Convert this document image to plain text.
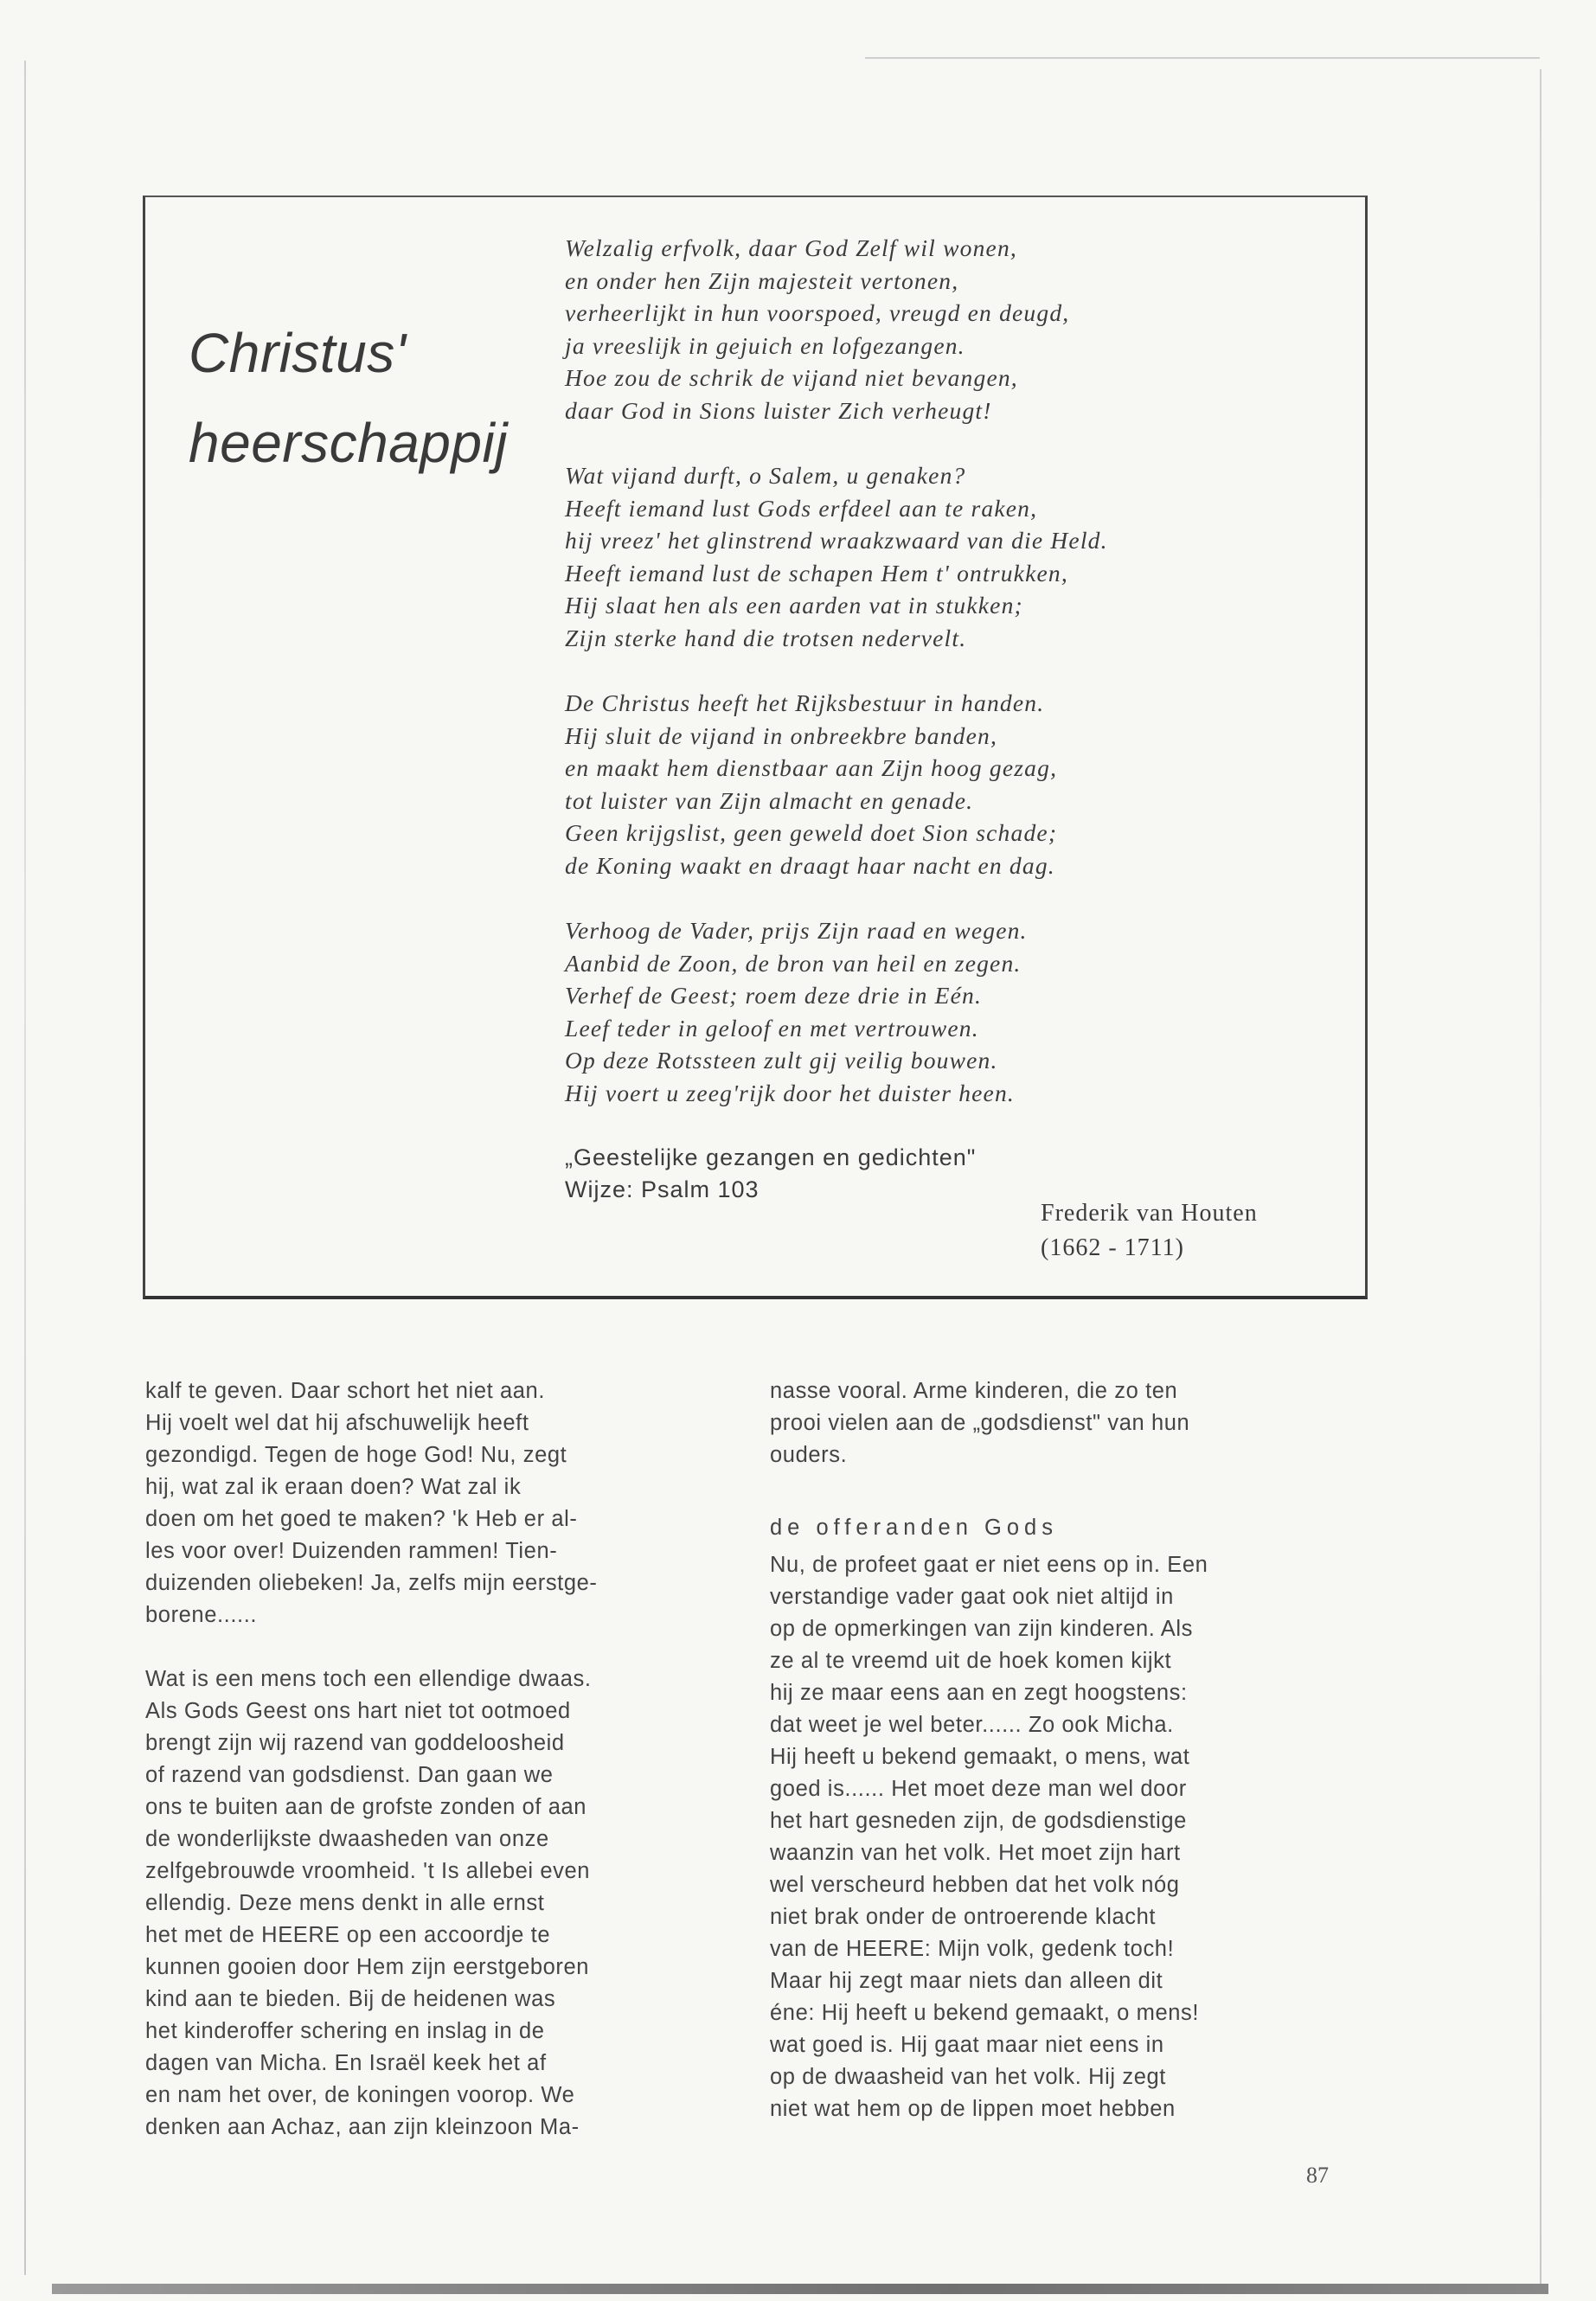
Christus'
heerschappij
Welzalig erfvolk, daar God Zelf wil wonen,
en onder hen Zijn majesteit vertonen,
verheerlijkt in hun voorspoed, vreugd en deugd,
ja vreeslijk in gejuich en lofgezangen.
Hoe zou de schrik de vijand niet bevangen,
daar God in Sions luister Zich verheugt!
Wat vijand durft, o Salem, u genaken?
Heeft iemand lust Gods erfdeel aan te raken,
hij vreez' het glinstrend wraakzwaard van die Held.
Heeft iemand lust de schapen Hem t' ontrukken,
Hij slaat hen als een aarden vat in stukken;
Zijn sterke hand die trotsen nedervelt.
De Christus heeft het Rijksbestuur in handen.
Hij sluit de vijand in onbreekbre banden,
en maakt hem dienstbaar aan Zijn hoog gezag,
tot luister van Zijn almacht en genade.
Geen krijgslist, geen geweld doet Sion schade;
de Koning waakt en draagt haar nacht en dag.
Verhoog de Vader, prijs Zijn raad en wegen.
Aanbid de Zoon, de bron van heil en zegen.
Verhef de Geest; roem deze drie in Eén.
Leef teder in geloof en met vertrouwen.
Op deze Rotssteen zult gij veilig bouwen.
Hij voert u zeeg'rijk door het duister heen.
„Geestelijke gezangen en gedichten"
Wijze: Psalm 103
Frederik van Houten
(1662 - 1711)
kalf te geven. Daar schort het niet aan.
Hij voelt wel dat hij afschuwelijk heeft
gezondigd. Tegen de hoge God! Nu, zegt
hij, wat zal ik eraan doen? Wat zal ik
doen om het goed te maken? 'k Heb er al-
les voor over! Duizenden rammen! Tien-
duizenden oliebeken! Ja, zelfs mijn eerstge-
borene......
Wat is een mens toch een ellendige dwaas.
Als Gods Geest ons hart niet tot ootmoed
brengt zijn wij razend van goddeloosheid
of razend van godsdienst. Dan gaan we
ons te buiten aan de grofste zonden of aan
de wonderlijkste dwaasheden van onze
zelfgebrouwde vroomheid. 't Is allebei even
ellendig. Deze mens denkt in alle ernst
het met de HEERE op een accoordje te
kunnen gooien door Hem zijn eerstgeboren
kind aan te bieden. Bij de heidenen was
het kinderoffer schering en inslag in de
dagen van Micha. En Israël keek het af
en nam het over, de koningen voorop. We
denken aan Achaz, aan zijn kleinzoon Ma-
nasse vooral. Arme kinderen, die zo ten
prooi vielen aan de „godsdienst" van hun
ouders.
de offeranden Gods
Nu, de profeet gaat er niet eens op in. Een
verstandige vader gaat ook niet altijd in
op de opmerkingen van zijn kinderen. Als
ze al te vreemd uit de hoek komen kijkt
hij ze maar eens aan en zegt hoogstens:
dat weet je wel beter...... Zo ook Micha.
Hij heeft u bekend gemaakt, o mens, wat
goed is...... Het moet deze man wel door
het hart gesneden zijn, de godsdienstige
waanzin van het volk. Het moet zijn hart
wel verscheurd hebben dat het volk nóg
niet brak onder de ontroerende klacht
van de HEERE: Mijn volk, gedenk toch!
Maar hij zegt maar niets dan alleen dit
éne: Hij heeft u bekend gemaakt, o mens!
wat goed is. Hij gaat maar niet eens in
op de dwaasheid van het volk. Hij zegt
niet wat hem op de lippen moet hebben
87
